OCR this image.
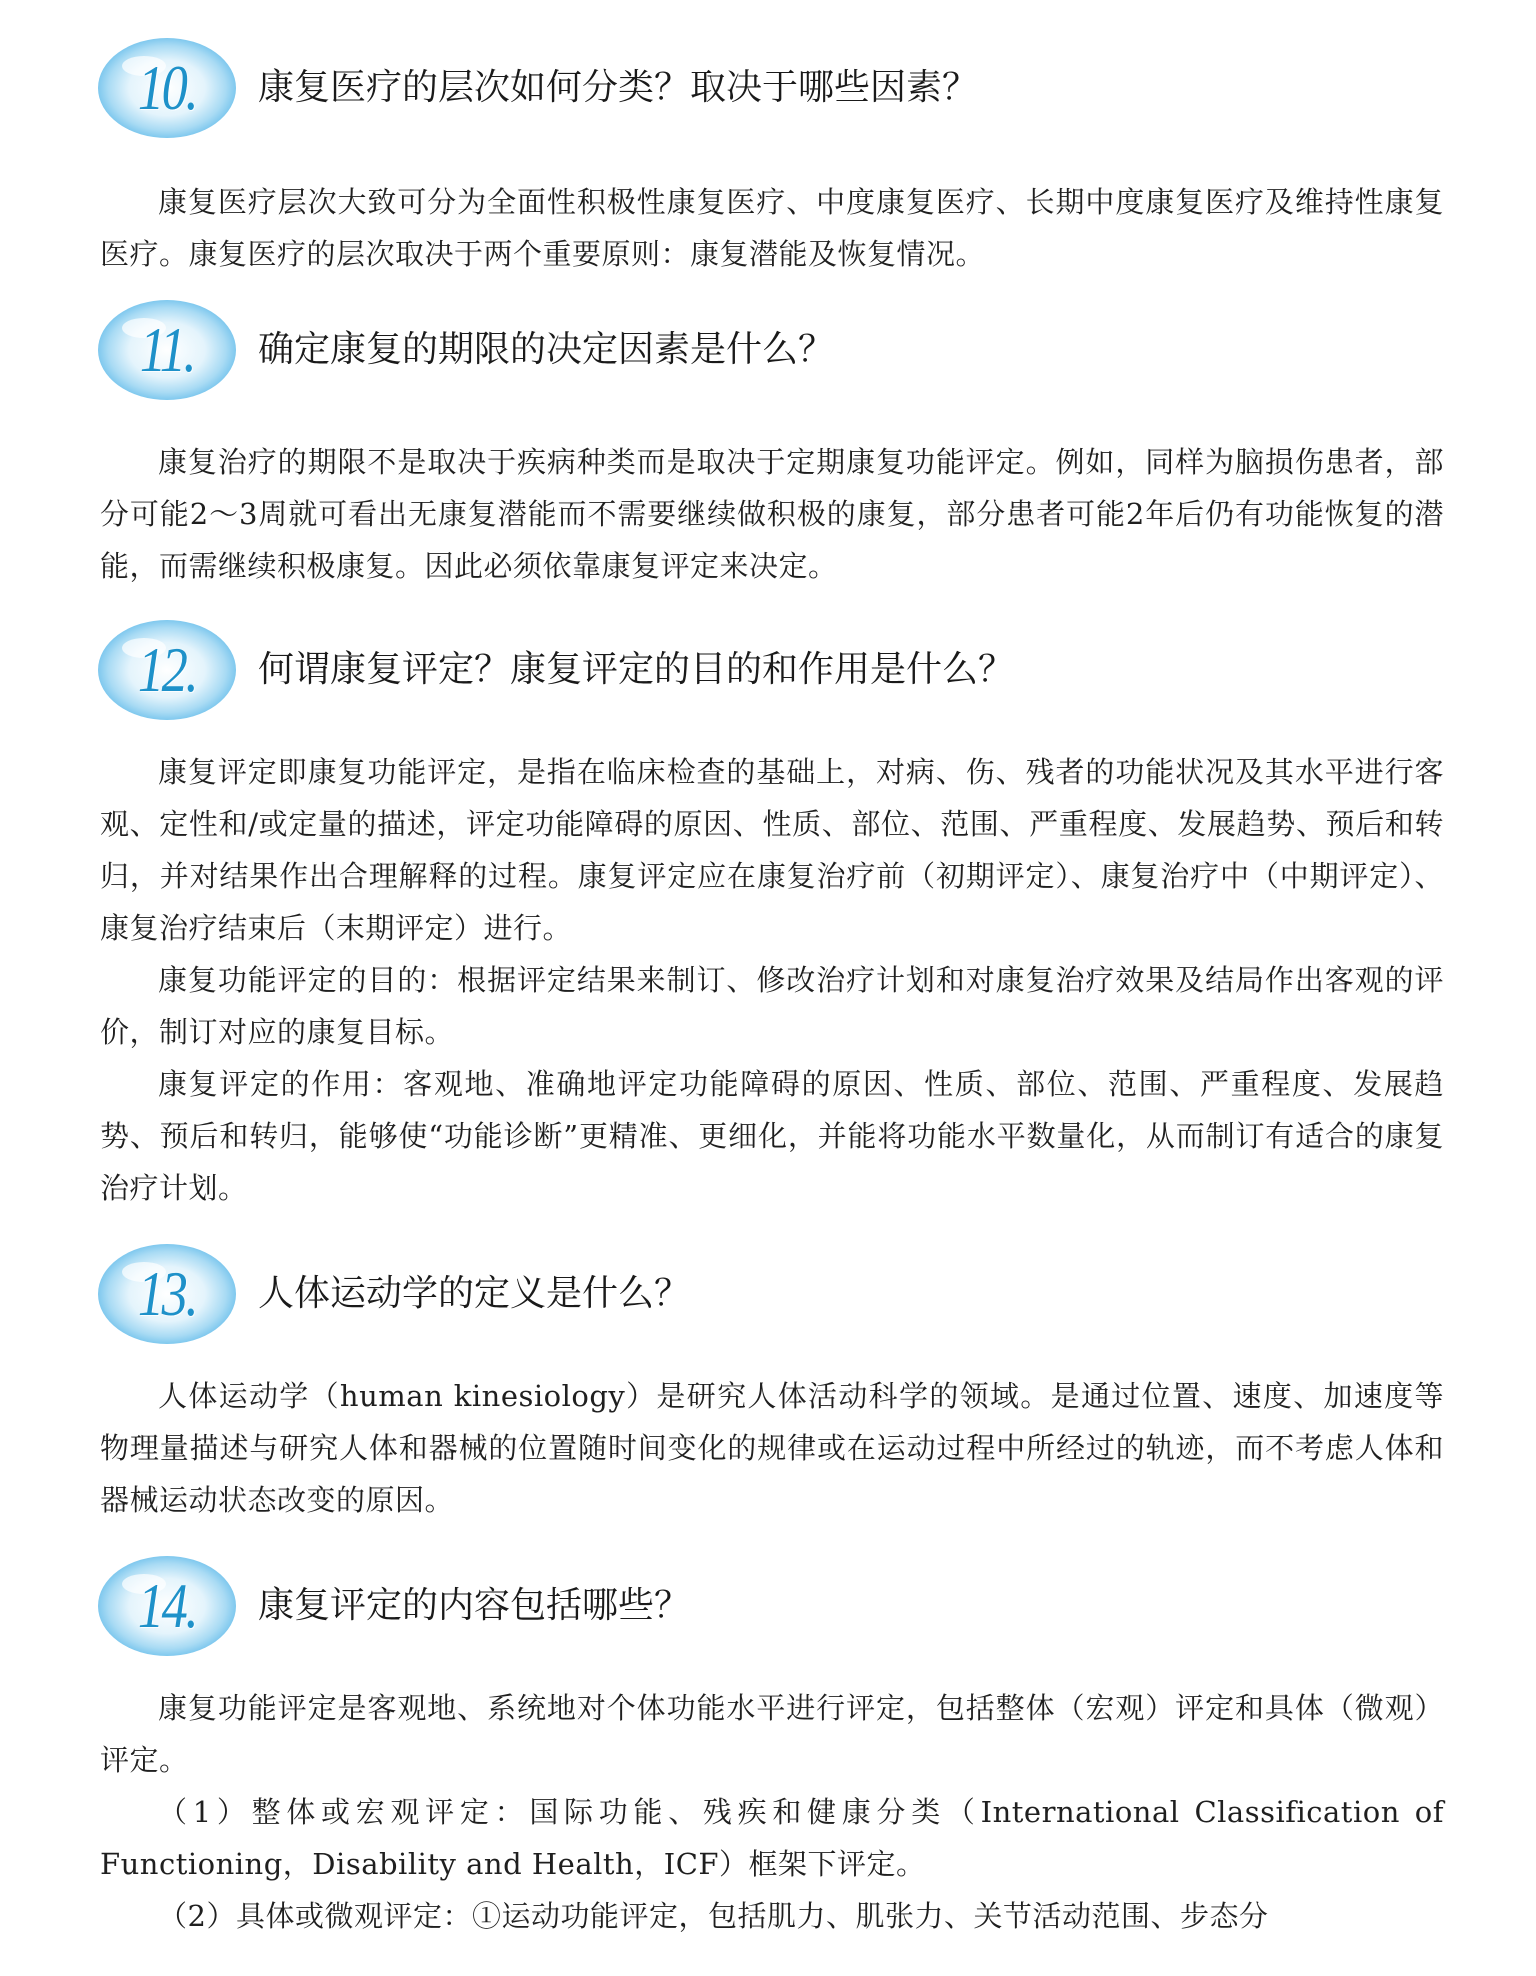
10.	康复医疗的层次如何分类？取决于哪些因素？

康复医疗层次大致可分为全面性积极性康复医疗、中度康复医疗、长期中度康复医疗及维持性康复医疗。康复医疗的层次取决于两个重要原则：康复潜能及恢复情况。

11.	确定康复的期限的决定因素是什么？

康复治疗的期限不是取决于疾病种类而是取决于定期康复功能评定。例如，同样为脑损伤患者，部分可能2～3周就可看出无康复潜能而不需要继续做积极的康复，部分患者可能2年后仍有功能恢复的潜能，而需继续积极康复。因此必须依靠康复评定来决定。

12.	何谓康复评定？康复评定的目的和作用是什么？

康复评定即康复功能评定，是指在临床检查的基础上，对病、伤、残者的功能状况及其水平进行客观、定性和/或定量的描述，评定功能障碍的原因、性质、部位、范围、严重程度、发展趋势、预后和转归，并对结果作出合理解释的过程。康复评定应在康复治疗前（初期评定）、康复治疗中（中期评定）、康复治疗结束后（末期评定）进行。

康复功能评定的目的：根据评定结果来制订、修改治疗计划和对康复治疗效果及结局作出客观的评价，制订对应的康复目标。

康复评定的作用：客观地、准确地评定功能障碍的原因、性质、部位、范围、严重程度、发展趋势、预后和转归，能够使“功能诊断”更精准、更细化，并能将功能水平数量化，从而制订有适合的康复治疗计划。

13.	人体运动学的定义是什么？

人体运动学（human kinesiology）是研究人体活动科学的领域。是通过位置、速度、加速度等物理量描述与研究人体和器械的位置随时间变化的规律或在运动过程中所经过的轨迹，而不考虑人体和器械运动状态改变的原因。

14.	康复评定的内容包括哪些？

康复功能评定是客观地、系统地对个体功能水平进行评定，包括整体（宏观）评定和具体（微观）评定。

（1）整体或宏观评定：国际功能、残疾和健康分类（International Classification of Functioning，Disability and Health，ICF）框架下评定。

（2）具体或微观评定：①运动功能评定，包括肌力、肌张力、关节活动范围、步态分
